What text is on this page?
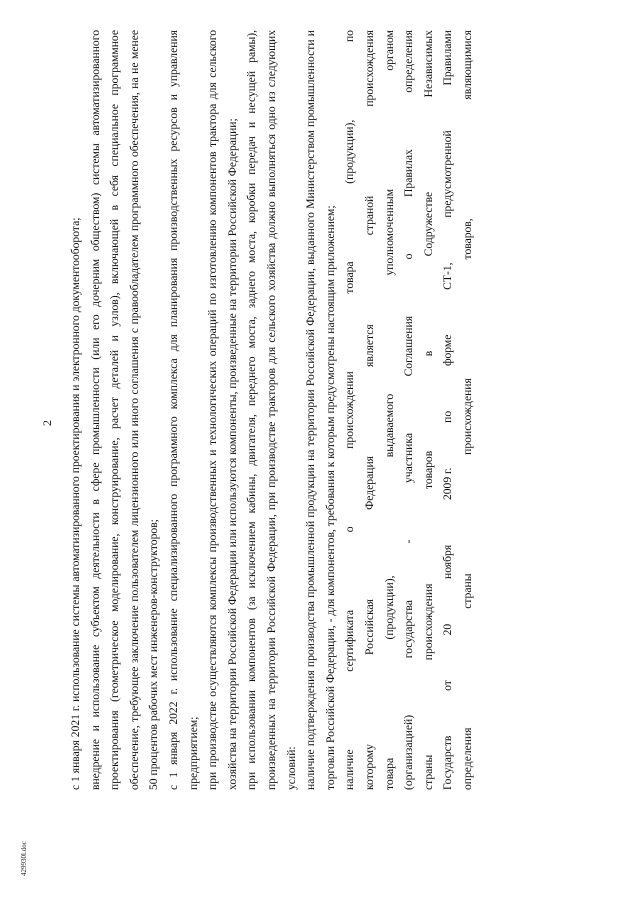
2 с 1 января 2021 г. использование системы автоматизированного проектирования и электронного документооборота; внедрение и использование субъектом деятельности в сфере промышленности (или его дочерним обществом) системы автоматизированного проектирования (геометрическое моделирование, конструирование, расчет деталей и узлов), включающей в себя специальное программное обеспечение, требующее заключение пользователем лицензионного или иного соглашения с правообладателем программного обеспечения, на не менее 50 процентов рабочих мест инженеров-конструкторов; с 1 января 2022 г. использование специализированного программного комплекса для планирования производственных ресурсов и управления предприятием; при производстве осуществляются комплексы производственных и технологических операций по изготовлению компонентов трактора для сельского хозяйства на территории Российской Федерации или используются компоненты, произведенные на территории Российской Федерации; при использовании компонентов (за исключением кабины, двигателя, переднего моста, заднего моста, коробки передач и несущей рамы), произведенных на территории Российской Федерации, при производстве тракторов для сельского хозяйства должно выполняться одно из следующих условий: наличие подтверждения производства промышленной продукции на территории Российской Федерации, выданного Министерством промышленности и торговли Российской Федерации, - для компонентов, требования к которым предусмотрены настоящим приложением; наличие
сертификата
о
происхождении
товара
(продукции),
по
которому
Российская
Федерация
является
страной
происхождения
товара
(продукции),
выдаваемого
уполномоченным
органом
(организацией)
государства
-
участника
Соглашения
о
Правилах
определения
страны
происхождения
товаров
в
Содружестве
Независимых
Государств
от
20
ноября
2009 г.
по
форме
СТ-1,
предусмотренной
Правилами
определения
страны
происхождения
товаров,
являющимися
429930l.doc
